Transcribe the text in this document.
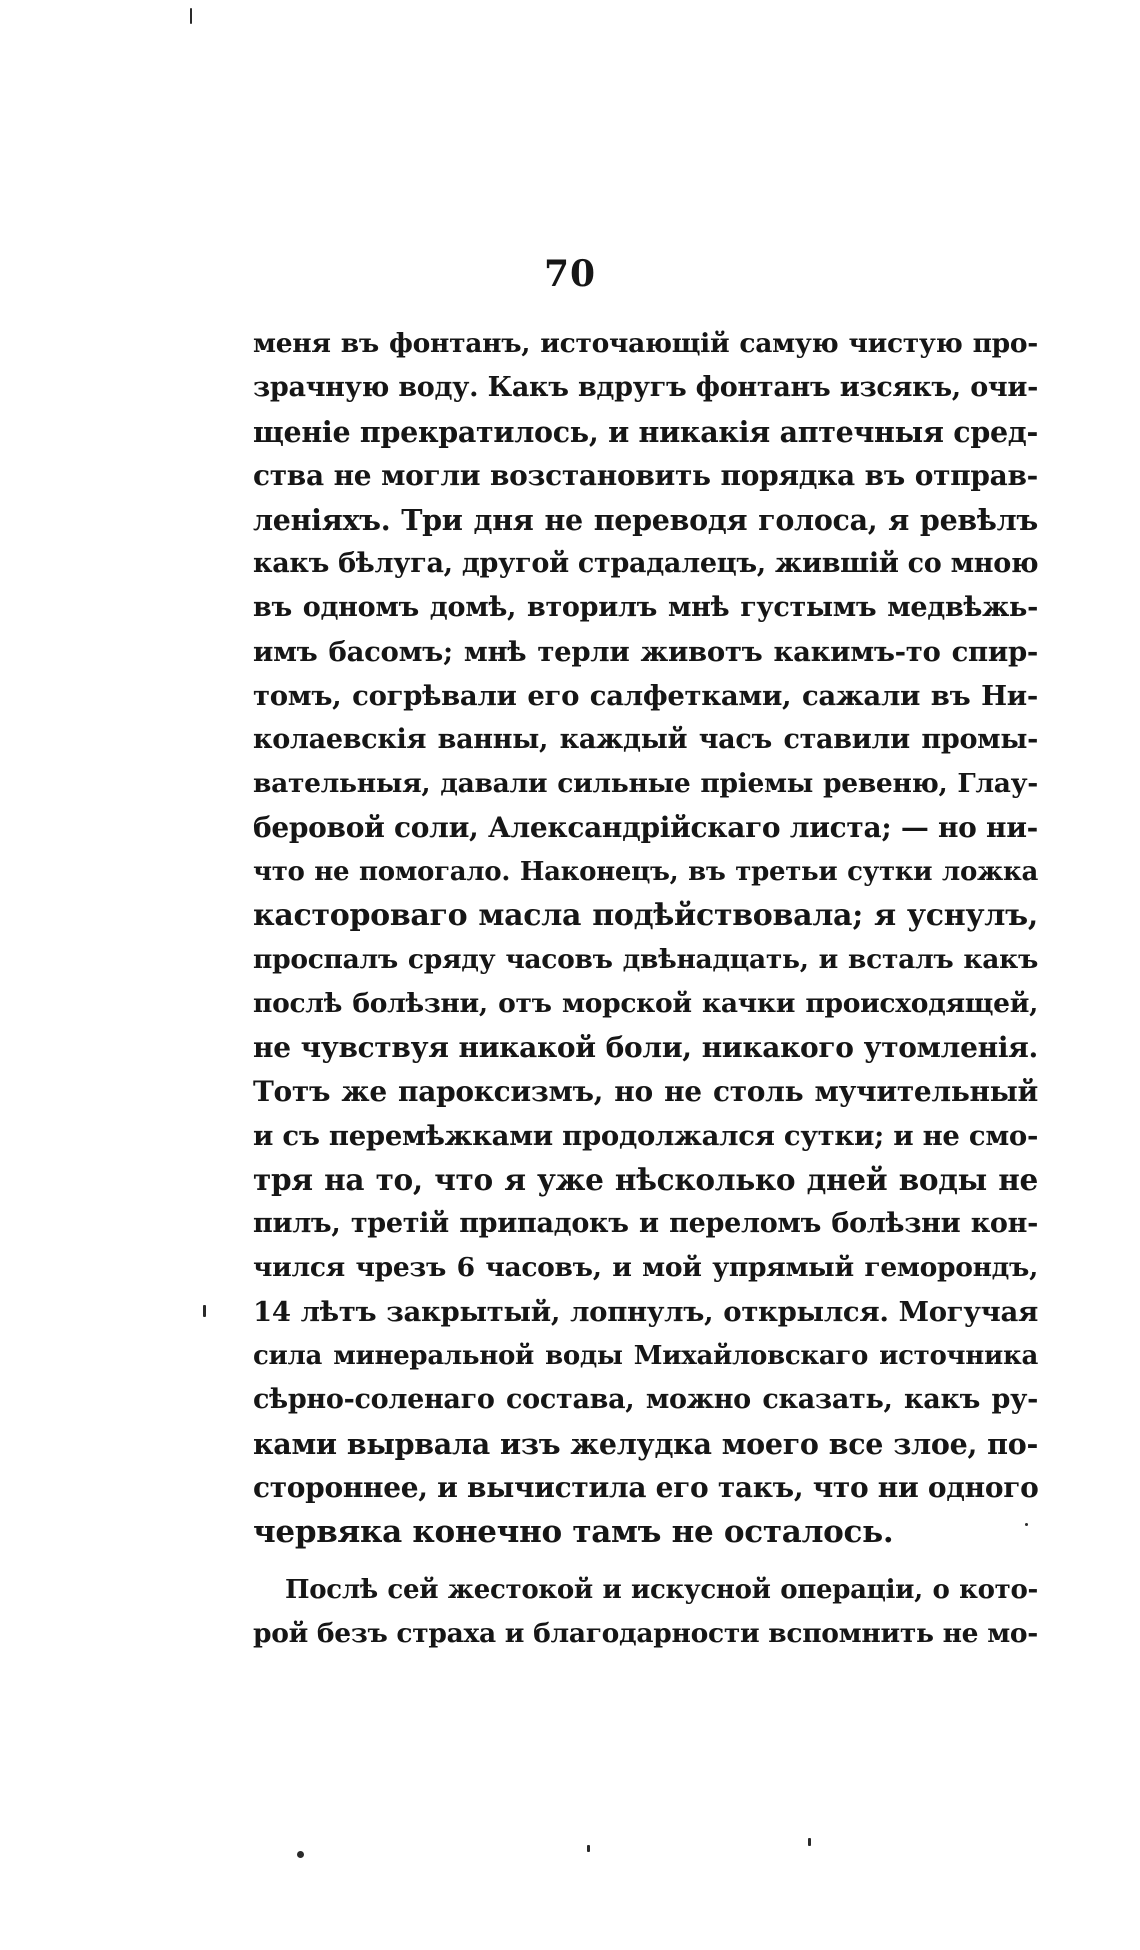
70
меня въ фонтанъ, источающій самую чистую про-
зрачную воду. Какъ вдругъ фонтанъ изсякъ, очи-
щеніе прекратилось, и никакія аптечныя сред-
ства не могли возстановить порядка въ отправ-
леніяхъ. Три дня не переводя голоса, я ревѣлъ
какъ бѣлуга, другой страдалецъ, жившій со мною
въ одномъ домѣ, вторилъ мнѣ густымъ медвѣжь-
имъ басомъ; мнѣ терли животъ какимъ-то спир-
томъ, согрѣвали его салфетками, сажали въ Ни-
колаевскія ванны, каждый часъ ставили промы-
вательныя, давали сильные пріемы ревеню, Глау-
беровой соли, Александрійскаго листа; — но ни-
что не помогало. Наконецъ, въ третьи сутки ложка
кастороваго масла подѣйствовала; я уснулъ,
проспалъ сряду часовъ двѣнадцать, и всталъ какъ
послѣ болѣзни, отъ морской качки происходящей,
не чувствуя никакой боли, никакого утомленія.
Тотъ же пароксизмъ, но не столь мучительный
и съ перемѣжками продолжался сутки; и не смо-
тря на то, что я уже нѣсколько дней воды не
пилъ, третій припадокъ и переломъ болѣзни кон-
чился чрезъ 6 часовъ, и мой упрямый геморондъ,
14 лѣтъ закрытый, лопнулъ, открылся. Могучая
сила минеральной воды Михайловскаго источника
сѣрно-соленаго состава, можно сказать, какъ ру-
ками вырвала изъ желудка моего все злое, по-
стороннее, и вычистила его такъ, что ни одного
червяка конечно тамъ не осталось.
Послѣ сей жестокой и искусной операціи, о кото-
рой безъ страха и благодарности вспомнить не мо-
